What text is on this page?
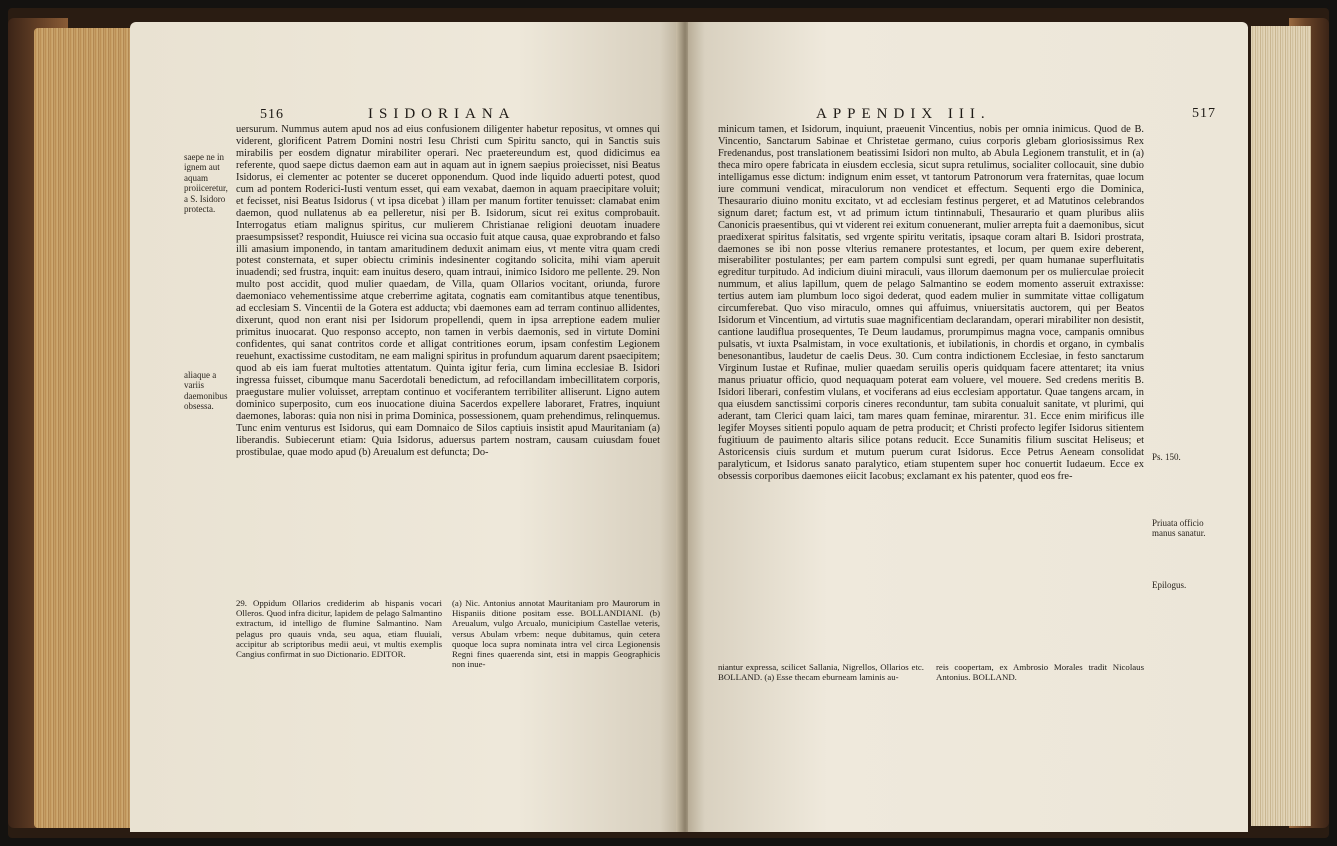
516	ISIDORIANA
saepe ne in ignem aut aquam proiiceretur, a S. Isidoro protecta.
aliaque a variis daemonibus obsessa.

uersurum. Nummus autem apud nos ad eius confusionem diligenter habetur repositus, vt omnes qui viderent, glorificent Patrem Domini nostri Iesu Christi cum Spiritu sancto, qui in Sanctis suis mirabilis per eosdem dignatur mirabiliter operari. Nec praetereundum est, quod didicimus ea referente, quod saepe dictus daemon eam aut in aquam aut in ignem saepius proiecisset, nisi Beatus Isidorus, ei clementer ac potenter se duceret opponendum. Quod inde liquido aduerti potest, quod cum ad pontem Roderici-Iusti ventum esset, qui eam vexabat, daemon in aquam praecipitare voluit; et fecisset, nisi Beatus Isidorus ( vt ipsa dicebat ) illam per manum fortiter tenuisset: clamabat enim daemon, quod nullatenus ab ea pelleretur, nisi per B. Isidorum, sicut rei exitus comprobauit. Interrogatus etiam malignus spiritus, cur mulierem Christianae religioni deuotam inuadere praesumpsisset? respondit, Huiusce rei vicina sua occasio fuit atque causa, quae exprobrando et falso illi amasium imponendo, in tantam amaritudinem deduxit animam eius, vt mente vitra quam credi potest consternata, et super obiectu criminis indesinenter cogitando solicita, mihi viam aperuit inuadendi; sed frustra, inquit: eam inuitus desero, quam intraui, inimico Isidoro me pellente. 29. Non multo post accidit, quod mulier quaedam, de Villa, quam Ollarios vocitant, oriunda, furore daemoniaco vehementissime atque creberrime agitata, cognatis eam comitantibus atque tenentibus, ad ecclesiam S. Vincentii de la Gotera est adducta; vbi daemones eam ad terram continuo allidentes, dixerunt, quod non erant nisi per Isidorum propellendi, quem in ipsa arreptione eadem mulier primitus inuocarat. Quo responso accepto, non tamen in verbis daemonis, sed in virtute Domini confidentes, qui sanat contritos corde et alligat contritiones eorum, ipsam confestim Legionem reuehunt, exactissime custoditam, ne eam maligni spiritus in profundum aquarum darent psaecipitem; quod ab eis iam fuerat multoties attentatum. Quinta igitur feria, cum limina ecclesiae B. Isidori ingressa fuisset, cibumque manu Sacerdotali benedictum, ad refocillandam imbecillitatem corporis, praegustare mulier voluisset, arreptam continuo et vociferantem terribiliter alliserunt. Ligno autem dominico superposito, cum eos inuocatione diuina Sacerdos expellere laboraret, Fratres, inquiunt daemones, laboras: quia non nisi in prima Dominica, possessionem, quam prehendimus, relinquemus. Tunc enim venturus est Isidorus, qui eam Domnaico de Silos captiuis insistit apud Mauritaniam (a) liberandis. Subiecerunt etiam: Quia Isidorus, aduersus partem nostram, causam cuiusdam fouet prostibulae, quae modo apud (b) Areualum est defuncta; Do-

29. Oppidum Ollarios crediderim ab hispanis vocari Olleros. Quod infra dicitur, lapidem de pelago Salmantino extractum, id intelligo de flumine Salmantino. Nam pelagus pro quauis vnda, seu aqua, etiam fluuiali, accipitur ab scriptoribus medii aeui, vt multis exemplis Cangius confirmat in suo Dictionario. EDITOR.
(a) Nic. Antonius annotat Mauritaniam pro Maurorum in Hispaniis ditione positam esse. BOLLANDIANI. (b) Areualum, vulgo Arcualo, municipium Castellae veteris, versus Abulam vrbem: neque dubitamus, quin cetera quoque loca supra nominata intra vel circa Legionensis Regni fines quaerenda sint, etsi in mappis Geographicis non inue-
APPENDIX III.	517

minicum tamen, et Isidorum, inquiunt, praeuenit Vincentius, nobis per omnia inimicus. Quod de B. Vincentio, Sanctarum Sabinae et Christetae germano, cuius corporis glebam gloriosissimus Rex Fredenandus, post translationem beatissimi Isidori non multo, ab Abula Legionem transtulit, et in (a) theca miro opere fabricata in eiusdem ecclesia, sicut supra retulimus, socialiter collocauit, sine dubio intelligamus esse dictum: indignum enim esset, vt tantorum Patronorum vera fraternitas, quae locum iure communi vendicat, miraculorum non vendicet et effectum. Sequenti ergo die Dominica, Thesaurario diuino monitu excitato, vt ad ecclesiam festinus pergeret, et ad Matutinos celebrandos signum daret; factum est, vt ad primum ictum tintinnabuli, Thesaurario et quam pluribus aliis Canonicis praesentibus, qui vt viderent rei exitum conuenerant, mulier arrepta fuit a daemonibus, sicut praedixerat spiritus falsitatis, sed vrgente spiritu veritatis, ipsaque coram altari B. Isidori prostrata, daemones se ibi non posse vlterius remanere protestantes, et locum, per quem exire deberent, miserabiliter postulantes; per eam partem compulsi sunt egredi, per quam humanae superfluitatis egreditur turpitudo. Ad indicium diuini miraculi, vaus illorum daemonum per os mulierculae proiecit nummum, et alius lapillum, quem de pelago Salmantino se eodem momento asseruit extraxisse: tertius autem iam plumbum loco sigoi dederat, quod eadem mulier in summitate vittae colligatum circumferebat. Quo viso miraculo, omnes qui affuimus, vniuersitatis auctorem, qui per Beatos Isidorum et Vincentium, ad virtutis suae magnificentiam declarandam, operari mirabiliter non desistit, cantione laudiflua prosequentes, Te Deum laudamus, prorumpimus magna voce, campanis omnibus pulsatis, vt iuxta Psalmistam, in voce exultationis, et iubilationis, in chordis et organo, in cymbalis benesonantibus, laudetur de caelis Deus. 30. Cum contra indictionem Ecclesiae, in festo sanctarum Virginum Iustae et Rufinae, mulier quaedam seruilis operis quidquam facere attentaret; ita vnius manus priuatur officio, quod nequaquam poterat eam voluere, vel mouere. Sed credens meritis B. Isidori liberari, confestim vlulans, et vociferans ad eius ecclesiam apportatur. Quae tangens arcam, in qua eiusdem sanctissimi corporis cineres reconduntur, tam subita conualuit sanitate, vt plurimi, qui aderant, tam Clerici quam laici, tam mares quam feminae, mirarentur. 31. Ecce enim mirificus ille legifer Moyses sitienti populo aquam de petra producit; et Christi profecto legifer Isidorus sitientem fugitiuum de pauimento altaris silice potans reducit. Ecce Sunamitis filium suscitat Heliseus; et Astoricensis ciuis surdum et mutum puerum curat Isidorus. Ecce Petrus Aeneam consolidat paralyticum, et Isidorus sanato paralytico, etiam stupentem super hoc conuertit Iudaeum. Ecce ex obsessis corporibus daemones eiicit Iacobus; exclamant ex his patenter, quod eos fre-

Ps. 150.
Priuata officio manus sanatur.
Epilogus.
niantur expressa, scilicet Sallania, Nigrellos, Ollarios etc. BOLLAND. (a) Esse thecam eburneam laminis au-
reis coopertam, ex Ambrosio Morales tradit Nicolaus Antonius. BOLLAND.
